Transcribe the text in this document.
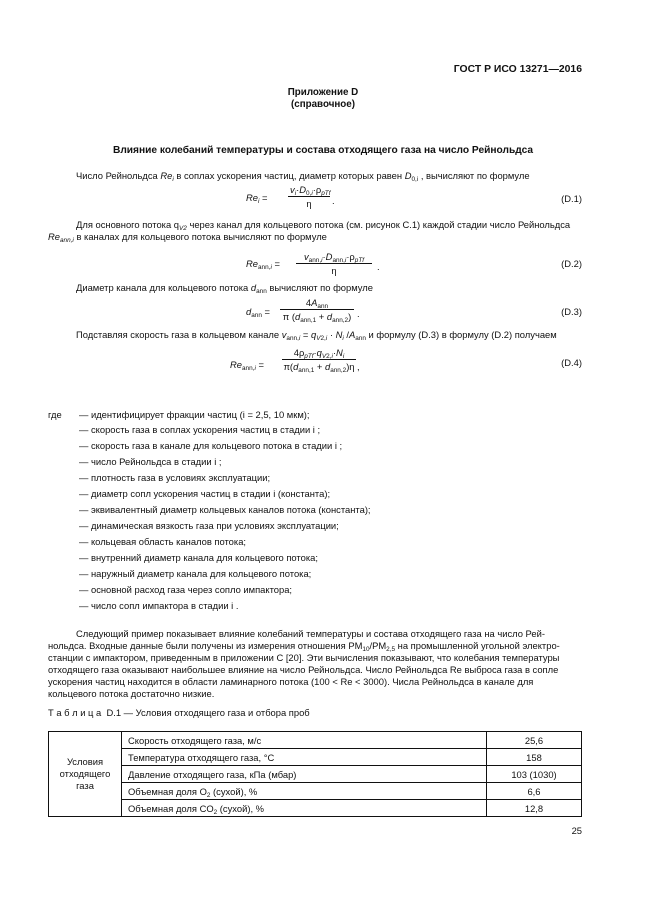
ГОСТ Р ИСО 13271—2016
Приложение D
(справочное)
Влияние колебаний температуры и состава отходящего газа на число Рейнольдса
Число Рейнольдса $Re_i$ в соплах ускорения частиц, диаметр которых равен $D_{0,i}$ , вычисляют по формуле
$Re_i$ =
$v_i\cdot D_{0,i}\cdot\rho_{pTf}$
η	.	(D.1)
Для основного потока $q_{V2}$ через канал для кольцевого потока (см. рисунок С.1) каждой стадии число Рейнольдса
$Re_{ann,i}$ в каналах для кольцевого потока вычисляют по формуле
$Re_{ann,i}$ =
$v_{ann,i}\cdot D_{ann,i}\cdot\rho_{pTf}$
η	.	(D.2)
Диаметр канала для кольцевого потока $d_{ann}$ вычисляют по формуле
$d_{ann}$ =
$4A_{ann}$
π $(d_{ann,1} + d_{ann,2})$ .	(D.3)
Подставляя скорость газа в кольцевом канале $v_{ann,i} = q_{V2,i} \cdot N_i$ $/A_{ann}$ и формулу (D.3) в формулу (D.2) получаем
$Re_{ann,i}$ =
$4\rho_{pTf}\cdot q_{V2,i}\cdot N_i$
$\pi(d_{ann,1} + d_{ann,2})\eta$ ,	(D.4)
где — идентифицирует фракции частиц (i = 2,5, 10 мкм);
— скорость газа в соплах ускорения частиц в стадии i ;
— скорость газа в канале для кольцевого потока в стадии i ;
— число Рейнольдса в стадии i ;
— плотность газа в условиях эксплуатации;
— диаметр сопл ускорения частиц в стадии i (константа);
— эквивалентный диаметр кольцевых каналов потока (константа);
— динамическая вязкость газа при условиях эксплуатации;
— кольцевая область каналов потока;
— внутренний диаметр канала для кольцевого потока;
— наружный диаметр канала для кольцевого потока;
— основной расход газа через сопло импактора;
— число сопл импактора в стадии i .
Следующий пример показывает влияние колебаний температуры и состава отходящего газа на число Рей-
нольдса. Входные данные были получены из измерения отношения $PM_{10}/PM_{2,5}$ на промышленной угольной электро-
станции с импактором, приведенным в приложении С [20]. Эти вычисления показывают, что колебания температуры
отходящего газа оказывают наибольшее влияние на число Рейнольдса. Число Рейнольдса Re выброса газа в сопле
ускорения частиц находится в области ламинарного потока (100 < Re < 3000). Числа Рейнольдса в канале для
кольцевого потока достаточно низкие.
Т а б л и ц а  D.1 — Условия отходящего газа и отбора проб
Условия отходящего газа	Скорость отходящего газа, м/с	25,6
	Температура отходящего газа, °С	158
	Давление отходящего газа, кПа (мбар)	103 (1030)
	Объемная доля $O_2$ (сухой), %	6,6
	Объемная доля $CO_2$ (сухой), %	12,8
25
